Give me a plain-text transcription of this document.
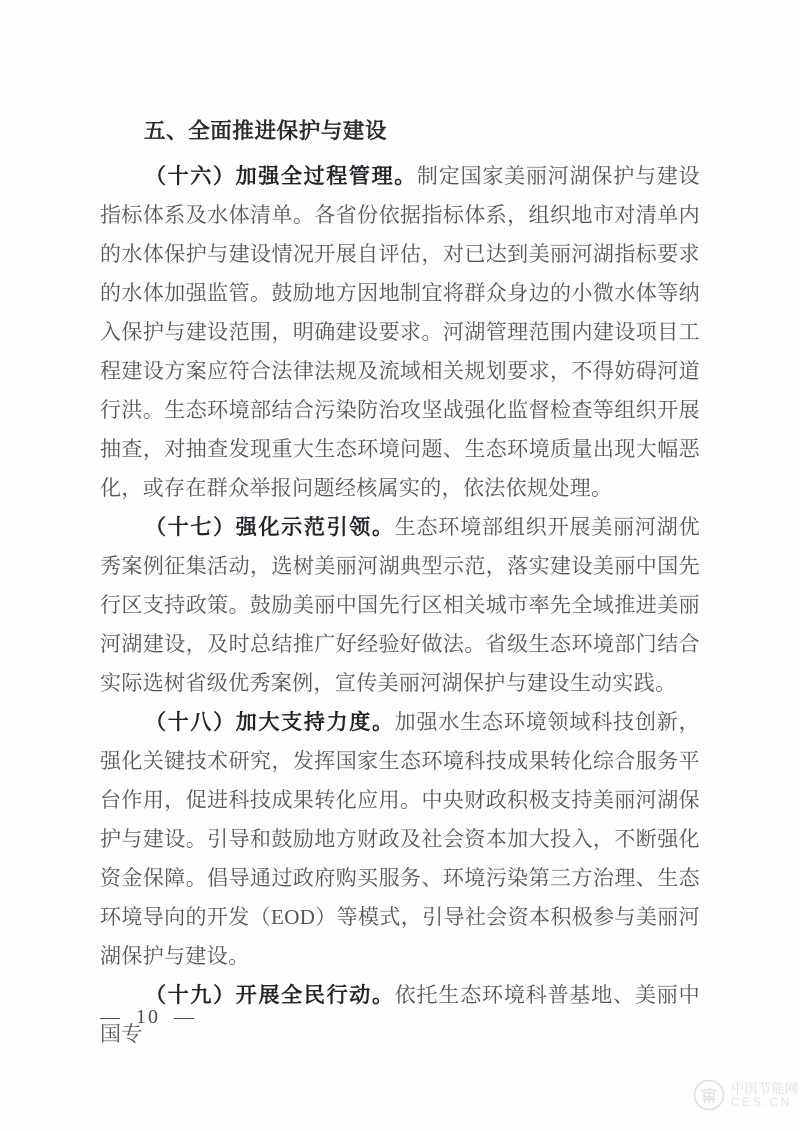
五、全面推进保护与建设

（十六）加强全过程管理。制定国家美丽河湖保护与建设指标体系及水体清单。各省份依据指标体系，组织地市对清单内的水体保护与建设情况开展自评估，对已达到美丽河湖指标要求的水体加强监管。鼓励地方因地制宜将群众身边的小微水体等纳入保护与建设范围，明确建设要求。河湖管理范围内建设项目工程建设方案应符合法律法规及流域相关规划要求，不得妨碍河道行洪。生态环境部结合污染防治攻坚战强化监督检查等组织开展抽查，对抽查发现重大生态环境问题、生态环境质量出现大幅恶化，或存在群众举报问题经核属实的，依法依规处理。

（十七）强化示范引领。生态环境部组织开展美丽河湖优秀案例征集活动，选树美丽河湖典型示范，落实建设美丽中国先行区支持政策。鼓励美丽中国先行区相关城市率先全域推进美丽河湖建设，及时总结推广好经验好做法。省级生态环境部门结合实际选树省级优秀案例，宣传美丽河湖保护与建设生动实践。

（十八）加大支持力度。加强水生态环境领域科技创新，强化关键技术研究，发挥国家生态环境科技成果转化综合服务平台作用，促进科技成果转化应用。中央财政积极支持美丽河湖保护与建设。引导和鼓励地方财政及社会资本加大投入，不断强化资金保障。倡导通过政府购买服务、环境污染第三方治理、生态环境导向的开发（EOD）等模式，引导社会资本积极参与美丽河湖保护与建设。

（十九）开展全民行动。依托生态环境科普基地、美丽中国专

—  10  —
中国节能网
CES.CN
